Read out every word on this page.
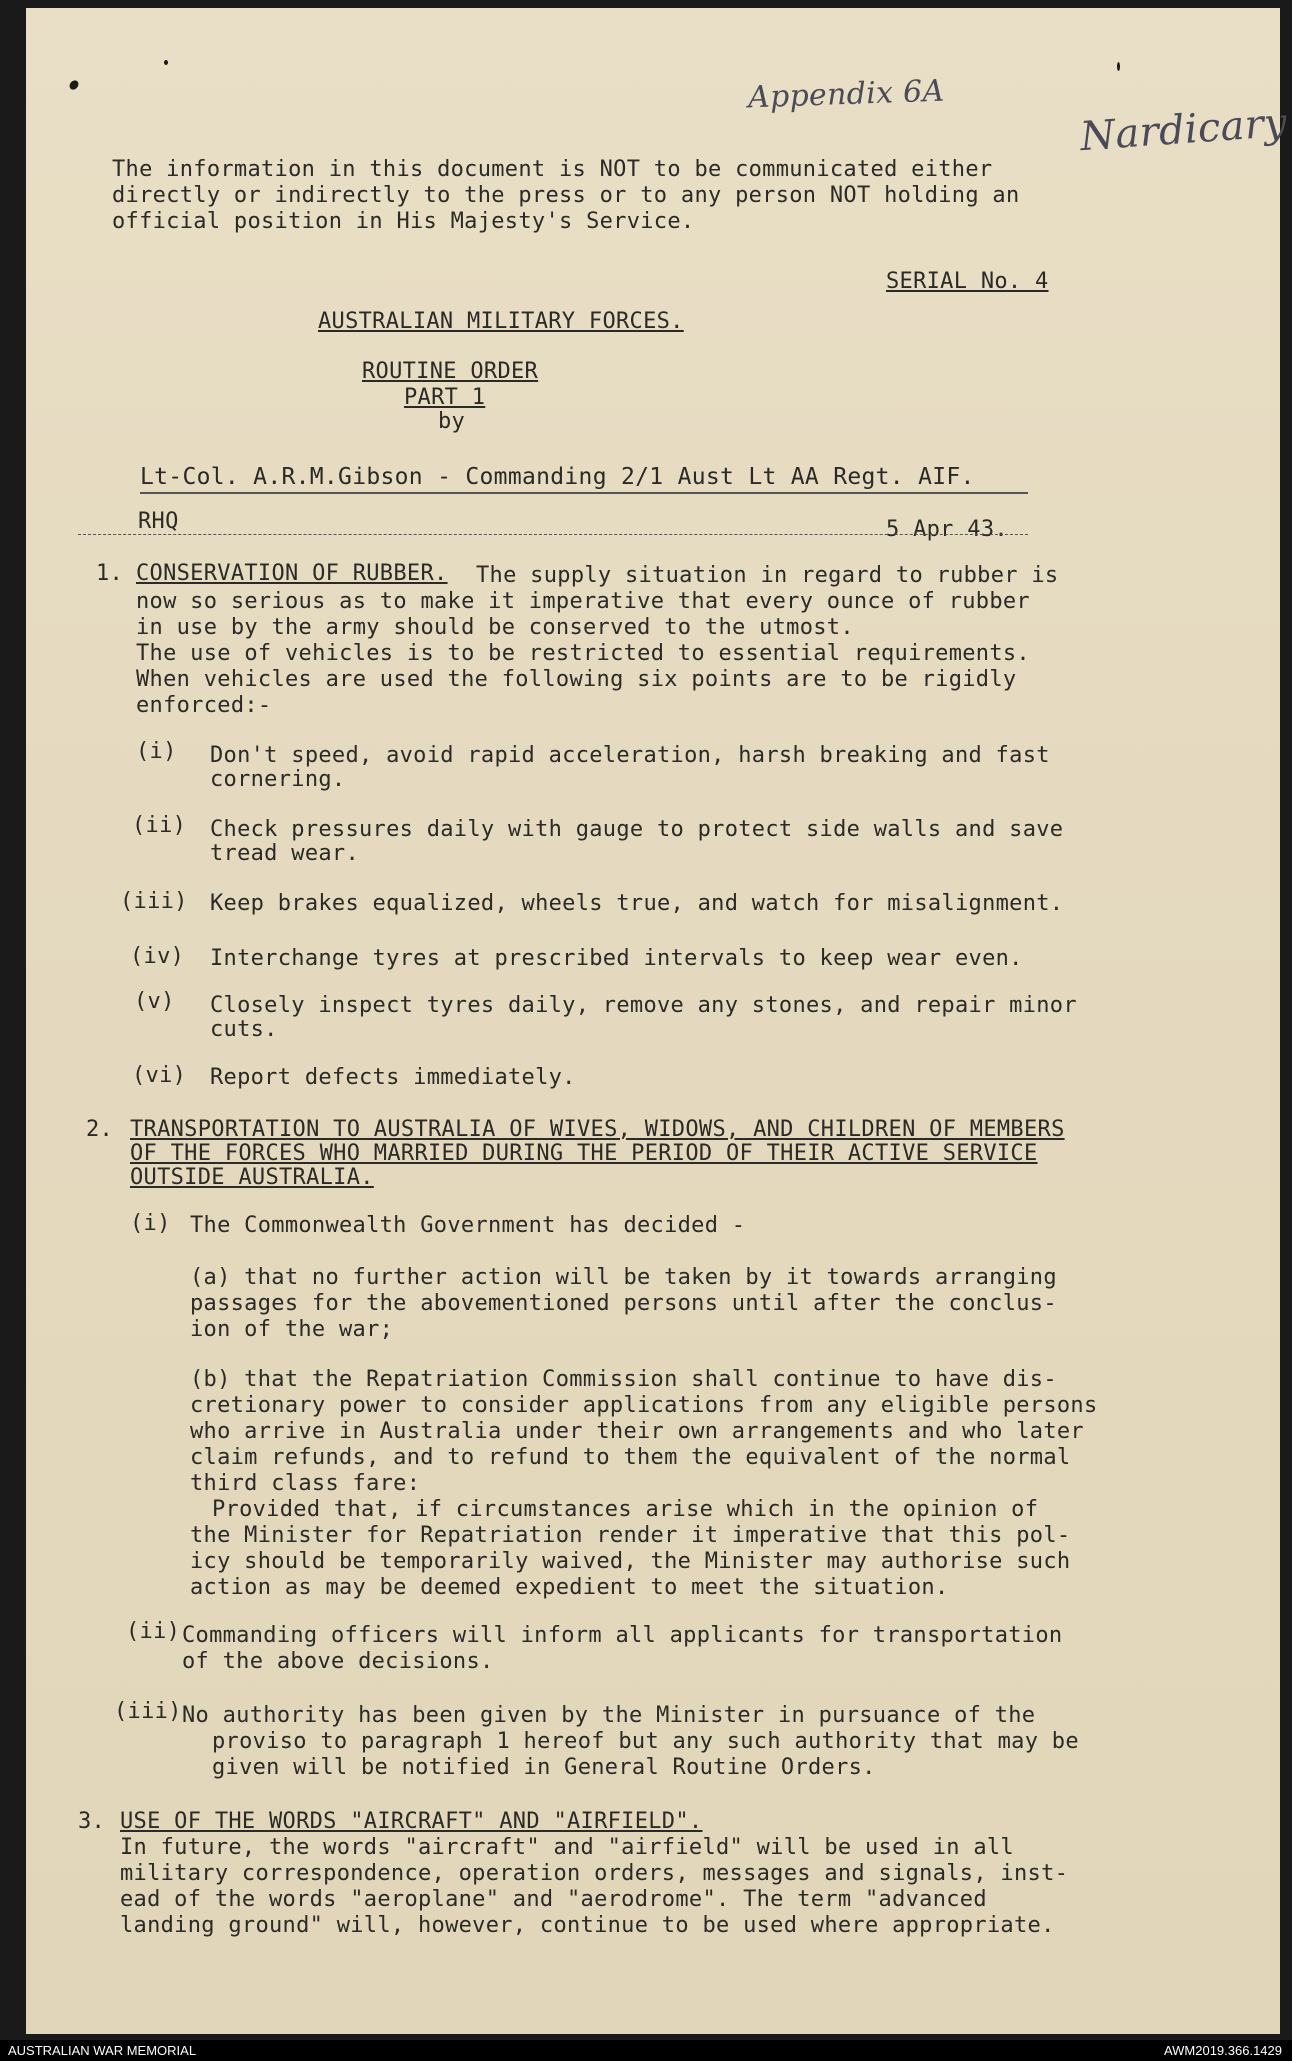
Appendix 6A

Nardicary

The information in this document is NOT to be communicated either

directly or indirectly to the press or to any person NOT holding an

official position in His Majesty's Service.

SERIAL No. 4

AUSTRALIAN MILITARY FORCES.

ROUTINE ORDER

PART 1

by

Lt-Col. A.R.M.Gibson - Commanding 2/1 Aust Lt AA Regt. AIF.

RHQ	5 Apr 43.

1. CONSERVATION OF RUBBER. The supply situation in regard to rubber is

now so serious as to make it imperative that every ounce of rubber

in use by the army should be conserved to the utmost.

The use of vehicles is to be restricted to essential requirements.

When vehicles are used the following six points are to be rigidly

enforced:-

(i) Don't speed, avoid rapid acceleration, harsh breaking and fast

cornering.

(ii) Check pressures daily with gauge to protect side walls and save

tread wear.

(iii) Keep brakes equalized, wheels true, and watch for misalignment.

(iv) Interchange tyres at prescribed intervals to keep wear even.

(v) Closely inspect tyres daily, remove any stones, and repair minor

cuts.

(vi) Report defects immediately.

2. TRANSPORTATION TO AUSTRALIA OF WIVES, WIDOWS, AND CHILDREN OF MEMBERS

OF THE FORCES WHO MARRIED DURING THE PERIOD OF THEIR ACTIVE SERVICE

OUTSIDE AUSTRALIA.

(i) The Commonwealth Government has decided -

(a) that no further action will be taken by it towards arranging

passages for the abovementioned persons until after the conclus-

ion of the war;

(b) that the Repatriation Commission shall continue to have dis-

cretionary power to consider applications from any eligible persons

who arrive in Australia under their own arrangements and who later

claim refunds, and to refund to them the equivalent of the normal

third class fare:

Provided that, if circumstances arise which in the opinion of

the Minister for Repatriation render it imperative that this pol-

icy should be temporarily waived, the Minister may authorise such

action as may be deemed expedient to meet the situation.

(ii) Commanding officers will inform all applicants for transportation

of the above decisions.

(iii) No authority has been given by the Minister in pursuance of the

proviso to paragraph 1 hereof but any such authority that may be

given will be notified in General Routine Orders.

3. USE OF THE WORDS "AIRCRAFT" AND "AIRFIELD".

In future, the words "aircraft" and "airfield" will be used in all

military correspondence, operation orders, messages and signals, inst-

ead of the words "aeroplane" and "aerodrome". The term "advanced

landing ground" will, however, continue to be used where appropriate.

AUSTRALIAN WAR MEMORIAL	AWM2019.366.1429
